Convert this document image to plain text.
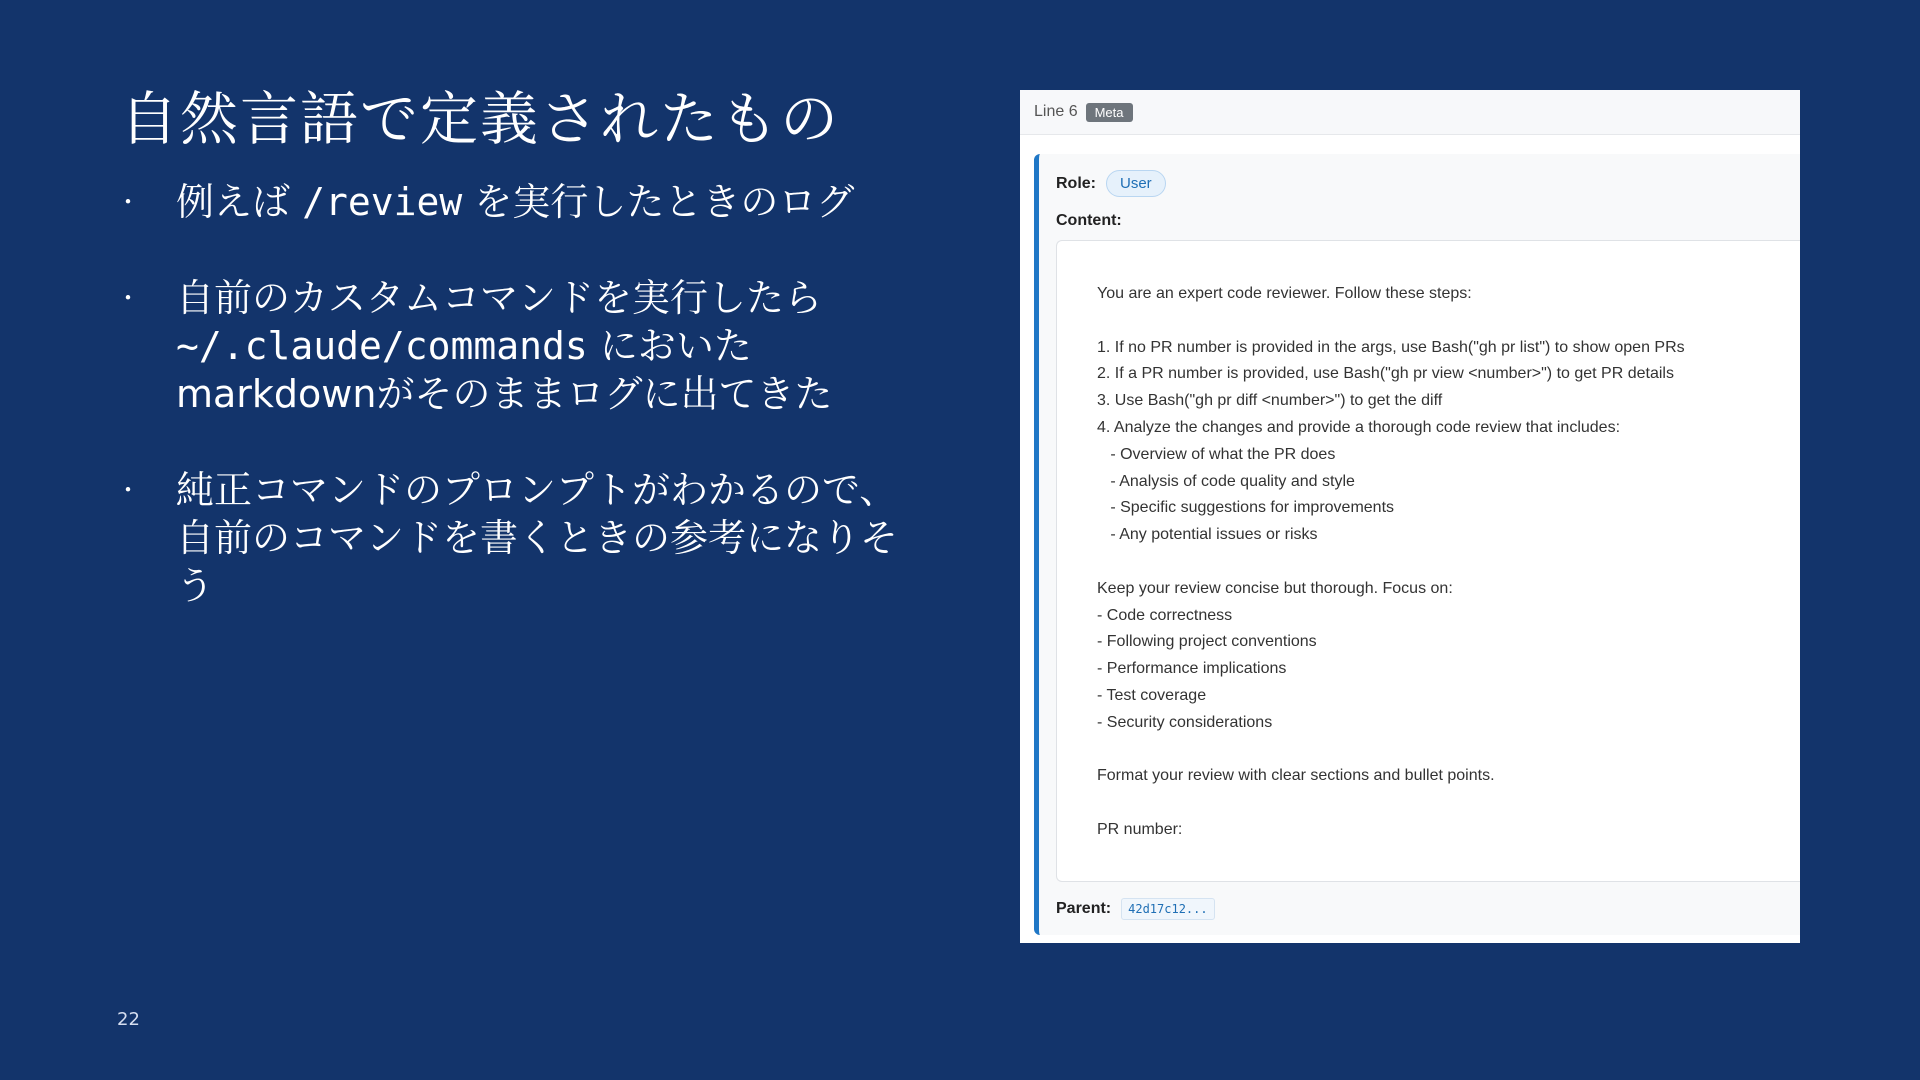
自然言語で定義されたもの
・ 例えば /review を実行したときのログ
・ 自前のカスタムコマンドを実行したら
~/.claude/commands においた
markdownがそのままログに出てきた
・ 純正コマンドのプロンプトがわかるので、自前のコマンドを書くときの参考になりそう
22
Line 6	Meta
Role:	User
Content:
You are an expert code reviewer. Follow these steps:
1. If no PR number is provided in the args, use Bash("gh pr list") to show open PRs
2. If a PR number is provided, use Bash("gh pr view <number>") to get PR details
3. Use Bash("gh pr diff <number>") to get the diff
4. Analyze the changes and provide a thorough code review that includes:
- Overview of what the PR does
- Analysis of code quality and style
- Specific suggestions for improvements
- Any potential issues or risks
Keep your review concise but thorough. Focus on:
- Code correctness
- Following project conventions
- Performance implications
- Test coverage
- Security considerations
Format your review with clear sections and bullet points.
PR number:
Parent:	42d17c12...
